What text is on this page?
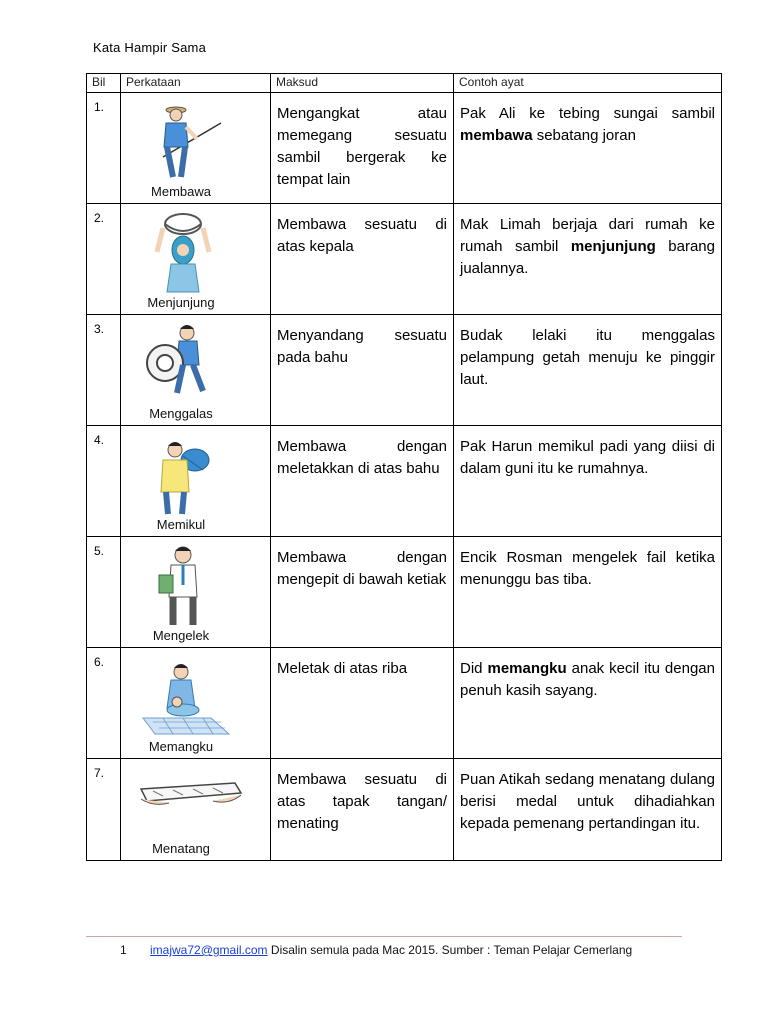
Kata Hampir Sama
Bil	Perkataan	Maksud	Contoh ayat
1.	Membawa	Mengangkat atau memegang sesuatu sambil bergerak ke tempat lain	Pak Ali ke tebing sungai sambil membawa sebatang joran
2.	Menjunjung	Membawa sesuatu di atas kepala	Mak Limah berjaja dari rumah ke rumah sambil menjunjung barang jualannya.
3.	Menggalas	Menyandang sesuatu pada bahu	Budak lelaki itu menggalas pelampung getah menuju ke pinggir laut.
4.	Memikul	Membawa dengan meletakkan di atas bahu	Pak Harun memikul padi yang diisi di dalam guni itu ke rumahnya.
5.	Mengelek	Membawa dengan mengepit di bawah ketiak	Encik Rosman mengelek fail ketika menunggu bas tiba.
6.	Memangku	Meletak di atas riba	Did memangku anak kecil itu dengan penuh kasih sayang.
7.	Menatang	Membawa sesuatu di atas tapak tangan/ menating	Puan Atikah sedang menatang dulang berisi medal untuk dihadiahkan kepada pemenang pertandingan itu.
1 imajwa72@gmail.com Disalin semula pada Mac 2015. Sumber : Teman Pelajar Cemerlang
